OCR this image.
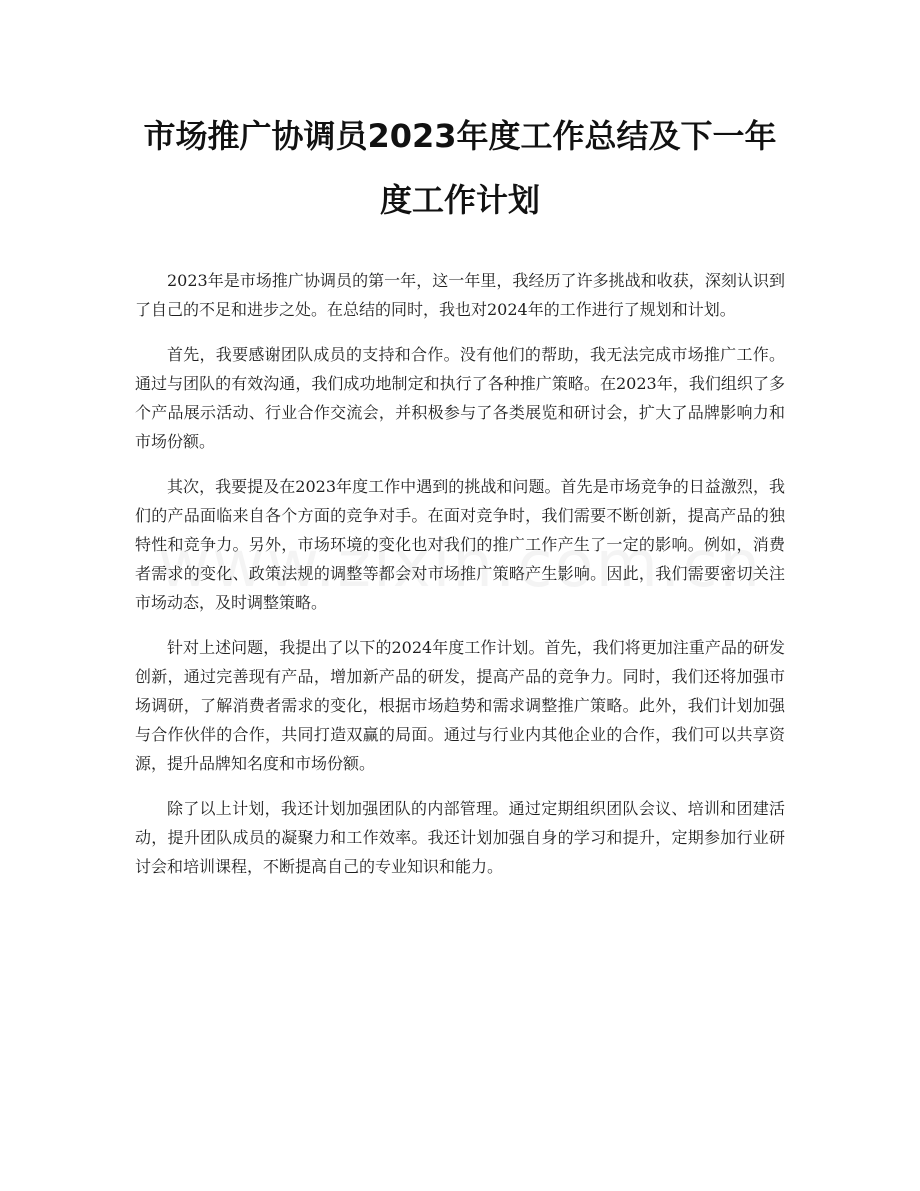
市场推广协调员2023年度工作总结及下一年度工作计划

2023年是市场推广协调员的第一年，这一年里，我经历了许多挑战和收获，深刻认识到了自己的不足和进步之处。在总结的同时，我也对2024年的工作进行了规划和计划。

首先，我要感谢团队成员的支持和合作。没有他们的帮助，我无法完成市场推广工作。通过与团队的有效沟通，我们成功地制定和执行了各种推广策略。在2023年，我们组织了多个产品展示活动、行业合作交流会，并积极参与了各类展览和研讨会，扩大了品牌影响力和市场份额。

其次，我要提及在2023年度工作中遇到的挑战和问题。首先是市场竞争的日益激烈，我们的产品面临来自各个方面的竞争对手。在面对竞争时，我们需要不断创新，提高产品的独特性和竞争力。另外，市场环境的变化也对我们的推广工作产生了一定的影响。例如，消费者需求的变化、政策法规的调整等都会对市场推广策略产生影响。因此，我们需要密切关注市场动态，及时调整策略。

针对上述问题，我提出了以下的2024年度工作计划。首先，我们将更加注重产品的研发创新，通过完善现有产品，增加新产品的研发，提高产品的竞争力。同时，我们还将加强市场调研，了解消费者需求的变化，根据市场趋势和需求调整推广策略。此外，我们计划加强与合作伙伴的合作，共同打造双赢的局面。通过与行业内其他企业的合作，我们可以共享资源，提升品牌知名度和市场份额。

除了以上计划，我还计划加强团队的内部管理。通过定期组织团队会议、培训和团建活动，提升团队成员的凝聚力和工作效率。我还计划加强自身的学习和提升，定期参加行业研讨会和培训课程，不断提高自己的专业知识和能力。
